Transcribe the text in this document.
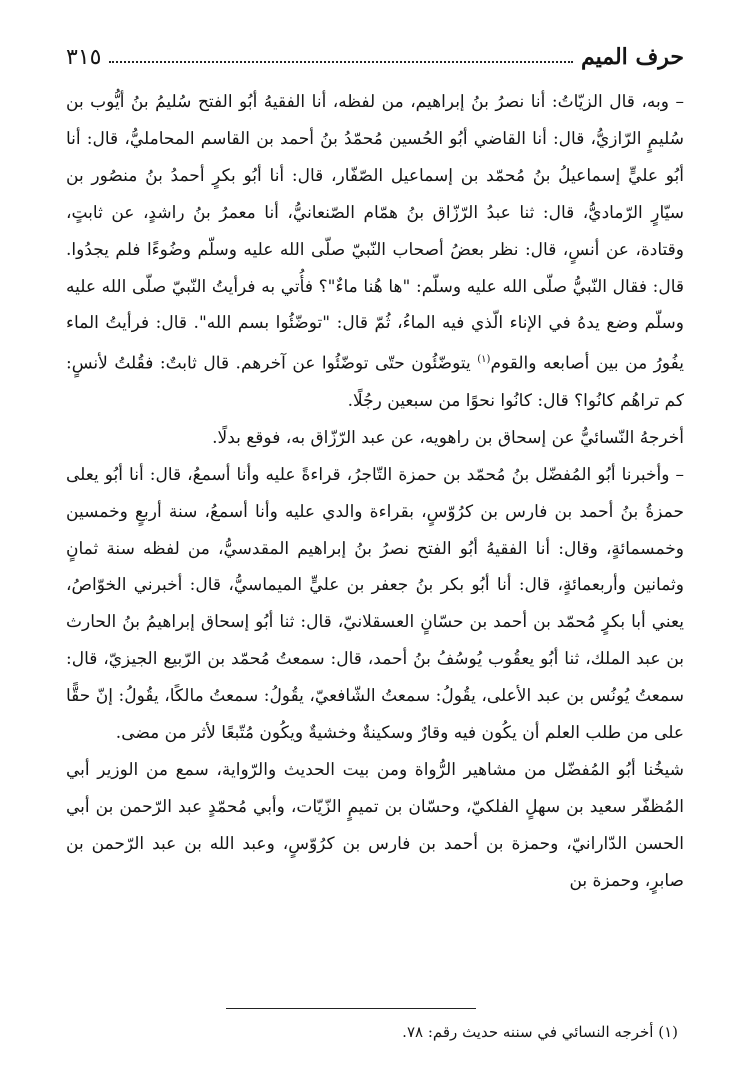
حرف الميم
٣١٥

– وبه، قال الزيّاتُ: أنا نصرُ بنُ إبراهيم، من لفظه، أنا الفقيهُ أبُو الفتح سُليمُ بنُ أيُّوب بن سُليمٍ الرّازيُّ، قال: أنا القاضي أبُو الحُسين مُحمّدُ بنُ أحمد بن القاسم المحامليُّ، قال: أنا أبُو عليٍّ إسماعيلُ بنُ مُحمّد بن إسماعيل الصّفّار، قال: أنا أبُو بكرٍ أحمدُ بنُ منصُور بن سيّارٍ الرّماديُّ، قال: ثنا عبدُ الرّزّاق بنُ همّام الصّنعانيُّ، أنا معمرُ بنُ راشدٍ، عن ثابتٍ، وقتادة، عن أنسٍ، قال: نظر بعضُ أصحاب النّبيّ صلّى الله عليه وسلّم وضُوءًا فلم يجدُوا. قال: فقال النّبيُّ صلّى الله عليه وسلّم: "ها هُنا ماءٌ"؟ فأُتي به فرأيتُ النّبيّ صلّى الله عليه وسلّم وضع يدهُ في الإناء الّذي فيه الماءُ، ثُمّ قال: "توضّئُوا بسم الله". قال: فرأيتُ الماء يفُورُ من بين أصابعه والقوم$^{(١)}$ يتوضّئُون حتّى توضّئُوا عن آخرهم. قال ثابتٌ: فقُلتُ لأنسٍ: كم تراهُم كانُوا؟ قال: كانُوا نحوًا من سبعين رجُلًا.

أخرجهُ النّسائيُّ عن إسحاق بن راهويه، عن عبد الرّزّاق به، فوقع بدلًا.

– وأخبرنا أبُو المُفضّل بنُ مُحمّد بن حمزة التّاجرُ، قراءةً عليه وأنا أسمعُ، قال: أنا أبُو يعلى حمزةُ بنُ أحمد بن فارس بن كرُوّسٍ، بقراءة والدي عليه وأنا أسمعُ، سنة أربعٍ وخمسين وخمسمائةٍ، وقال: أنا الفقيهُ أبُو الفتح نصرُ بنُ إبراهيم المقدسيُّ، من لفظه سنة ثمانٍ وثمانين وأربعمائةٍ، قال: أنا أبُو بكر بنُ جعفر بن عليٍّ الميماسيُّ، قال: أخبرني الخوّاصُ، يعني أبا بكرٍ مُحمّد بن أحمد بن حسّانٍ العسقلانيّ، قال: ثنا أبُو إسحاق إبراهيمُ بنُ الحارث بن عبد الملك، ثنا أبُو يعقُوب يُوسُفُ بنُ أحمد، قال: سمعتُ مُحمّد بن الرّبيع الجيزيّ، قال: سمعتُ يُونُس بن عبد الأعلى، يقُولُ: سمعتُ الشّافعيّ، يقُولُ: سمعتُ مالكًا، يقُولُ: إنّ حقًّا على من طلب العلم أن يكُون فيه وقارٌ وسكينةٌ وخشيةٌ ويكُون مُتّبعًا لأثر من مضى.

شيخُنا أبُو المُفضّل من مشاهير الرُّواة ومن بيت الحديث والرّواية، سمع من الوزير أبي المُظفّر سعيد بن سهلٍ الفلكيّ، وحسّان بن تميمٍ الزّيّات، وأبي مُحمّدٍ عبد الرّحمن بن أبي الحسن الدّارانيّ، وحمزة بن أحمد بن فارس بن كرُوّسٍ، وعبد الله بن عبد الرّحمن بن صابرٍ، وحمزة بن

(١) أخرجه النسائي في سننه حديث رقم: ٧٨.
